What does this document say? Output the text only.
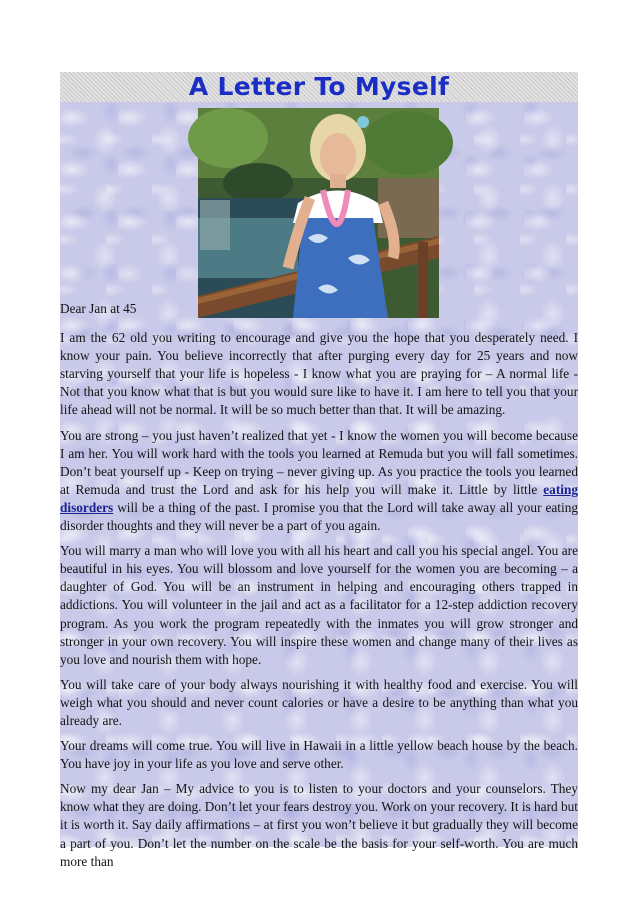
A Letter To Myself

Dear Jan at 45

I am the 62 old you writing to encourage and give you the hope that you desperately need. I know your pain. You believe incorrectly that after purging every day for 25 years and now starving yourself that your life is hopeless - I know what you are praying for – A normal life - Not that you know what that is but you would sure like to have it. I am here to tell you that your life ahead will not be normal. It will be so much better than that. It will be amazing.

You are strong – you just haven’t realized that yet - I know the women you will become because I am her. You will work hard with the tools you learned at Remuda but you will fall sometimes. Don’t beat yourself up - Keep on trying – never giving up. As you practice the tools you learned at Remuda and trust the Lord and ask for his help you will make it. Little by little eating disorders will be a thing of the past. I promise you that the Lord will take away all your eating disorder thoughts and they will never be a part of you again.

You will marry a man who will love you with all his heart and call you his special angel. You are beautiful in his eyes. You will blossom and love yourself for the women you are becoming – a daughter of God. You will be an instrument in helping and encouraging others trapped in addictions. You will volunteer in the jail and act as a facilitator for a 12-step addiction recovery program. As you work the program repeatedly with the inmates you will grow stronger and stronger in your own recovery. You will inspire these women and change many of their lives as you love and nourish them with hope.

You will take care of your body always nourishing it with healthy food and exercise. You will weigh what you should and never count calories or have a desire to be anything than what you already are.

Your dreams will come true. You will live in Hawaii in a little yellow beach house by the beach. You have joy in your life as you love and serve other.

Now my dear Jan – My advice to you is to listen to your doctors and your counselors. They know what they are doing. Don’t let your fears destroy you. Work on your recovery. It is hard but it is worth it. Say daily affirmations – at first you won’t believe it but gradually they will become a part of you. Don’t let the number on the scale be the basis for your self-worth. You are much more than
